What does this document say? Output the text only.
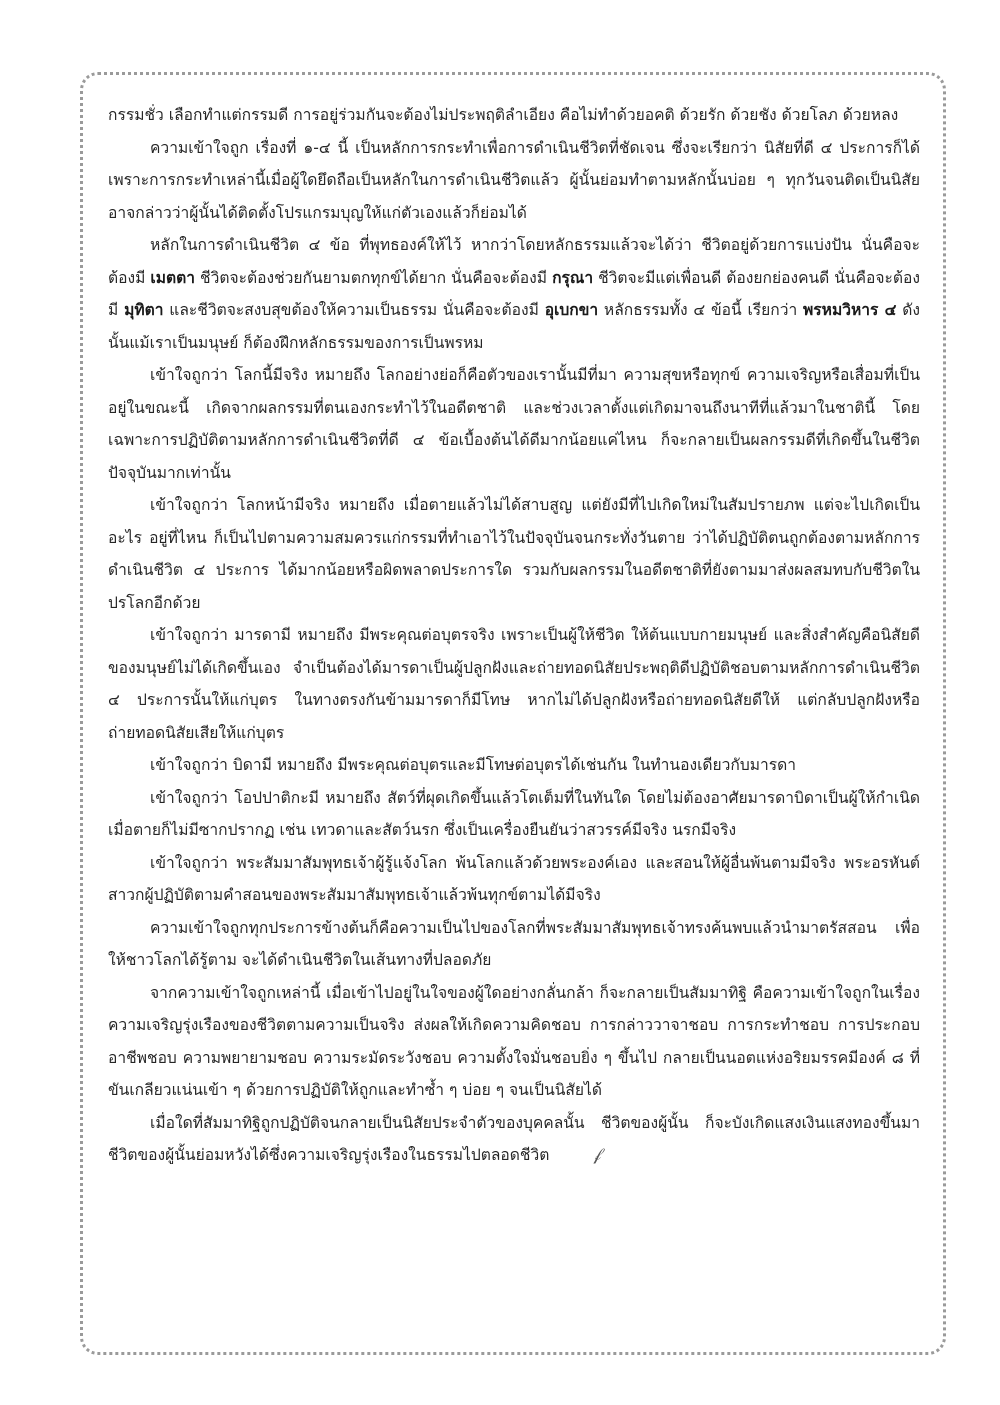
กรรมชั่ว เลือกทำแต่กรรมดี การอยู่ร่วมกันจะต้องไม่ประพฤติลำเอียง คือไม่ทำด้วยอคติ ด้วยรัก ด้วยชัง ด้วยโลภ ด้วยหลง

ความเข้าใจถูก เรื่องที่ ๑-๔ นี้ เป็นหลักการกระทำเพื่อการดำเนินชีวิตที่ชัดเจน ซึ่งจะเรียกว่า นิสัยที่ดี ๔ ประการก็ได้ เพราะการกระทำเหล่านี้เมื่อผู้ใดยึดถือเป็นหลักในการดำเนินชีวิตแล้ว ผู้นั้นย่อมทำตามหลักนั้นบ่อย ๆ ทุกวันจนติดเป็นนิสัย อาจกล่าวว่าผู้นั้นได้ติดตั้งโปรแกรมบุญให้แก่ตัวเองแล้วก็ย่อมได้

หลักในการดำเนินชีวิต ๔ ข้อ ที่พุทธองค์ให้ไว้ หากว่าโดยหลักธรรมแล้วจะได้ว่า ชีวิตอยู่ด้วยการแบ่งปัน นั่นคือจะต้องมี เมตตา ชีวิตจะต้องช่วยกันยามตกทุกข์ได้ยาก นั่นคือจะต้องมี กรุณา ชีวิตจะมีแต่เพื่อนดี ต้องยกย่องคนดี นั่นคือจะต้องมี มุทิตา และชีวิตจะสงบสุขต้องให้ความเป็นธรรม นั่นคือจะต้องมี อุเบกขา หลักธรรมทั้ง ๔ ข้อนี้ เรียกว่า พรหมวิหาร ๔ ดังนั้นแม้เราเป็นมนุษย์ ก็ต้องฝึกหลักธรรมของการเป็นพรหม

เข้าใจถูกว่า โลกนี้มีจริง หมายถึง โลกอย่างย่อก็คือตัวของเรานั้นมีที่มา ความสุขหรือทุกข์ ความเจริญหรือเสื่อมที่เป็นอยู่ในขณะนี้ เกิดจากผลกรรมที่ตนเองกระทำไว้ในอดีตชาติ และช่วงเวลาตั้งแต่เกิดมาจนถึงนาทีที่แล้วมาในชาตินี้ โดยเฉพาะการปฏิบัติตามหลักการดำเนินชีวิตที่ดี ๔ ข้อเบื้องต้นได้ดีมากน้อยแค่ไหน ก็จะกลายเป็นผลกรรมดีที่เกิดขึ้นในชีวิตปัจจุบันมากเท่านั้น

เข้าใจถูกว่า โลกหน้ามีจริง หมายถึง เมื่อตายแล้วไม่ได้สาบสูญ แต่ยังมีที่ไปเกิดใหม่ในสัมปรายภพ แต่จะไปเกิดเป็นอะไร อยู่ที่ไหน ก็เป็นไปตามความสมควรแก่กรรมที่ทำเอาไว้ในปัจจุบันจนกระทั่งวันตาย ว่าได้ปฏิบัติตนถูกต้องตามหลักการดำเนินชีวิต ๔ ประการ ได้มากน้อยหรือผิดพลาดประการใด รวมกับผลกรรมในอดีตชาติที่ยังตามมาส่งผลสมทบกับชีวิตในปรโลกอีกด้วย

เข้าใจถูกว่า มารดามี หมายถึง มีพระคุณต่อบุตรจริง เพราะเป็นผู้ให้ชีวิต ให้ต้นแบบกายมนุษย์ และสิ่งสำคัญคือนิสัยดีของมนุษย์ไม่ได้เกิดขึ้นเอง จำเป็นต้องได้มารดาเป็นผู้ปลูกฝังและถ่ายทอดนิสัยประพฤติดีปฏิบัติชอบตามหลักการดำเนินชีวิต ๔ ประการนั้นให้แก่บุตร ในทางตรงกันข้ามมารดาก็มีโทษ หากไม่ได้ปลูกฝังหรือถ่ายทอดนิสัยดีให้ แต่กลับปลูกฝังหรือถ่ายทอดนิสัยเสียให้แก่บุตร

เข้าใจถูกว่า บิดามี หมายถึง มีพระคุณต่อบุตรและมีโทษต่อบุตรได้เช่นกัน ในทำนองเดียวกับมารดา

เข้าใจถูกว่า โอปปาติกะมี หมายถึง สัตว์ที่ผุดเกิดขึ้นแล้วโตเต็มที่ในทันใด โดยไม่ต้องอาศัยมารดาบิดาเป็นผู้ให้กำเนิด เมื่อตายก็ไม่มีซากปรากฏ เช่น เทวดาและสัตว์นรก ซึ่งเป็นเครื่องยืนยันว่าสวรรค์มีจริง นรกมีจริง

เข้าใจถูกว่า พระสัมมาสัมพุทธเจ้าผู้รู้แจ้งโลก พ้นโลกแล้วด้วยพระองค์เอง และสอนให้ผู้อื่นพ้นตามมีจริง พระอรหันต์สาวกผู้ปฏิบัติตามคำสอนของพระสัมมาสัมพุทธเจ้าแล้วพ้นทุกข์ตามได้มีจริง

ความเข้าใจถูกทุกประการข้างต้นก็คือความเป็นไปของโลกที่พระสัมมาสัมพุทธเจ้าทรงค้นพบแล้วนำมาตรัสสอน เพื่อให้ชาวโลกได้รู้ตาม จะได้ดำเนินชีวิตในเส้นทางที่ปลอดภัย

จากความเข้าใจถูกเหล่านี้ เมื่อเข้าไปอยู่ในใจของผู้ใดอย่างกลั่นกล้า ก็จะกลายเป็นสัมมาทิฐิ คือความเข้าใจถูกในเรื่องความเจริญรุ่งเรืองของชีวิตตามความเป็นจริง ส่งผลให้เกิดความคิดชอบ การกล่าววาจาชอบ การกระทำชอบ การประกอบอาชีพชอบ ความพยายามชอบ ความระมัดระวังชอบ ความตั้งใจมั่นชอบยิ่ง ๆ ขึ้นไป กลายเป็นนอตแห่งอริยมรรคมีองค์ ๘ ที่ขันเกลียวแน่นเข้า ๆ ด้วยการปฏิบัติให้ถูกและทำซ้ำ ๆ บ่อย ๆ จนเป็นนิสัยได้

เมื่อใดที่สัมมาทิฐิถูกปฏิบัติจนกลายเป็นนิสัยประจำตัวของบุคคลนั้น ชีวิตของผู้นั้น ก็จะบังเกิดแสงเงินแสงทองขึ้นมา ชีวิตของผู้นั้นย่อมหวังได้ซึ่งความเจริญรุ่งเรืองในธรรมไปตลอดชีวิต	𝒻
